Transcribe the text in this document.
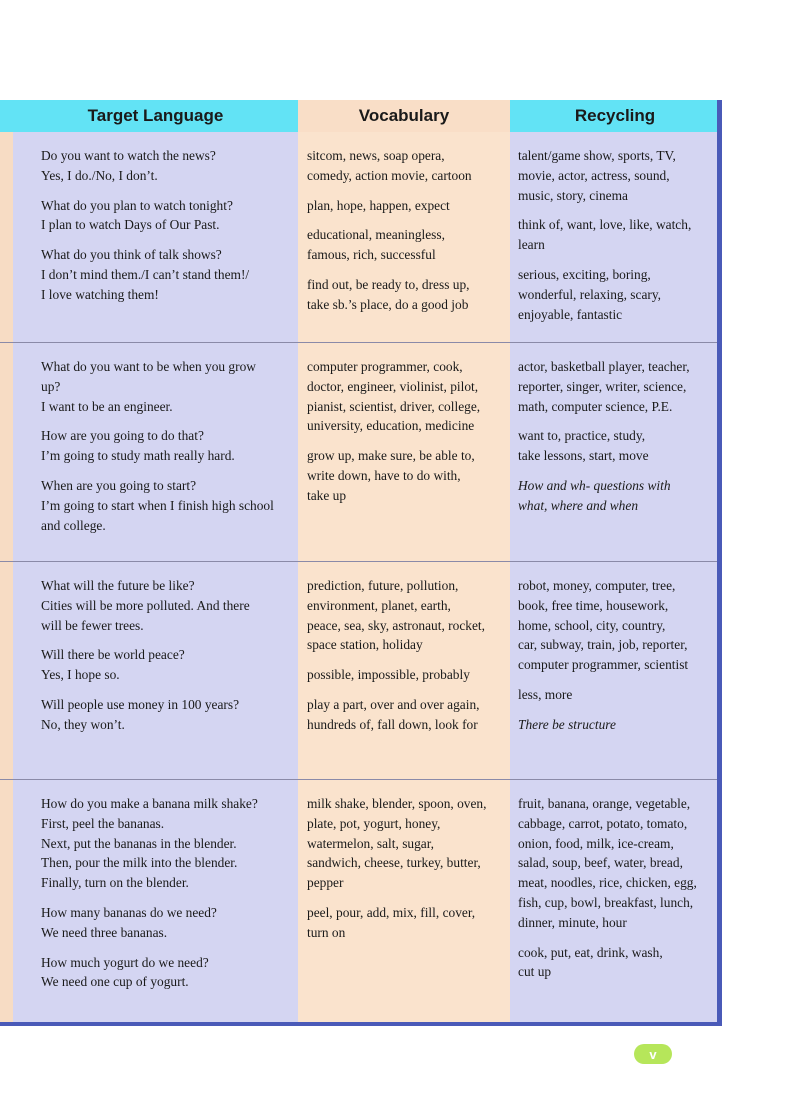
Target Language	Vocabulary	Recycling
Do you want to watch the news?
Yes, I do./No, I don’t.
What do you plan to watch tonight?
I plan to watch Days of Our Past.
What do you think of talk shows?
I don’t mind them./I can’t stand them!/
I love watching them!
sitcom, news, soap opera,
comedy, action movie, cartoon
plan, hope, happen, expect
educational, meaningless,
famous, rich, successful
find out, be ready to, dress up,
take sb.’s place, do a good job
talent/game show, sports, TV,
movie, actor, actress, sound,
music, story, cinema
think of, want, love, like, watch,
learn
serious, exciting, boring,
wonderful, relaxing, scary,
enjoyable, fantastic
What do you want to be when you grow
up?
I want to be an engineer.
How are you going to do that?
I’m going to study math really hard.
When are you going to start?
I’m going to start when I finish high school
and college.
computer programmer, cook,
doctor, engineer, violinist, pilot,
pianist, scientist, driver, college,
university, education, medicine
grow up, make sure, be able to,
write down, have to do with,
take up
actor, basketball player, teacher,
reporter, singer, writer, science,
math, computer science, P.E.
want to, practice, study,
take lessons, start, move
How and wh- questions with
what, where and when
What will the future be like?
Cities will be more polluted. And there
will be fewer trees.
Will there be world peace?
Yes, I hope so.
Will people use money in 100 years?
No, they won’t.
prediction, future, pollution,
environment, planet, earth,
peace, sea, sky, astronaut, rocket,
space station, holiday
possible, impossible, probably
play a part, over and over again,
hundreds of, fall down, look for
robot, money, computer, tree,
book, free time, housework,
home, school, city, country,
car, subway, train, job, reporter,
computer programmer, scientist
less, more
There be structure
How do you make a banana milk shake?
First, peel the bananas.
Next, put the bananas in the blender.
Then, pour the milk into the blender.
Finally, turn on the blender.
How many bananas do we need?
We need three bananas.
How much yogurt do we need?
We need one cup of yogurt.
milk shake, blender, spoon, oven,
plate, pot, yogurt, honey,
watermelon, salt, sugar,
sandwich, cheese, turkey, butter,
pepper
peel, pour, add, mix, fill, cover,
turn on
fruit, banana, orange, vegetable,
cabbage, carrot, potato, tomato,
onion, food, milk, ice-cream,
salad, soup, beef, water, bread,
meat, noodles, rice, chicken, egg,
fish, cup, bowl, breakfast, lunch,
dinner, minute, hour
cook, put, eat, drink, wash,
cut up
v
